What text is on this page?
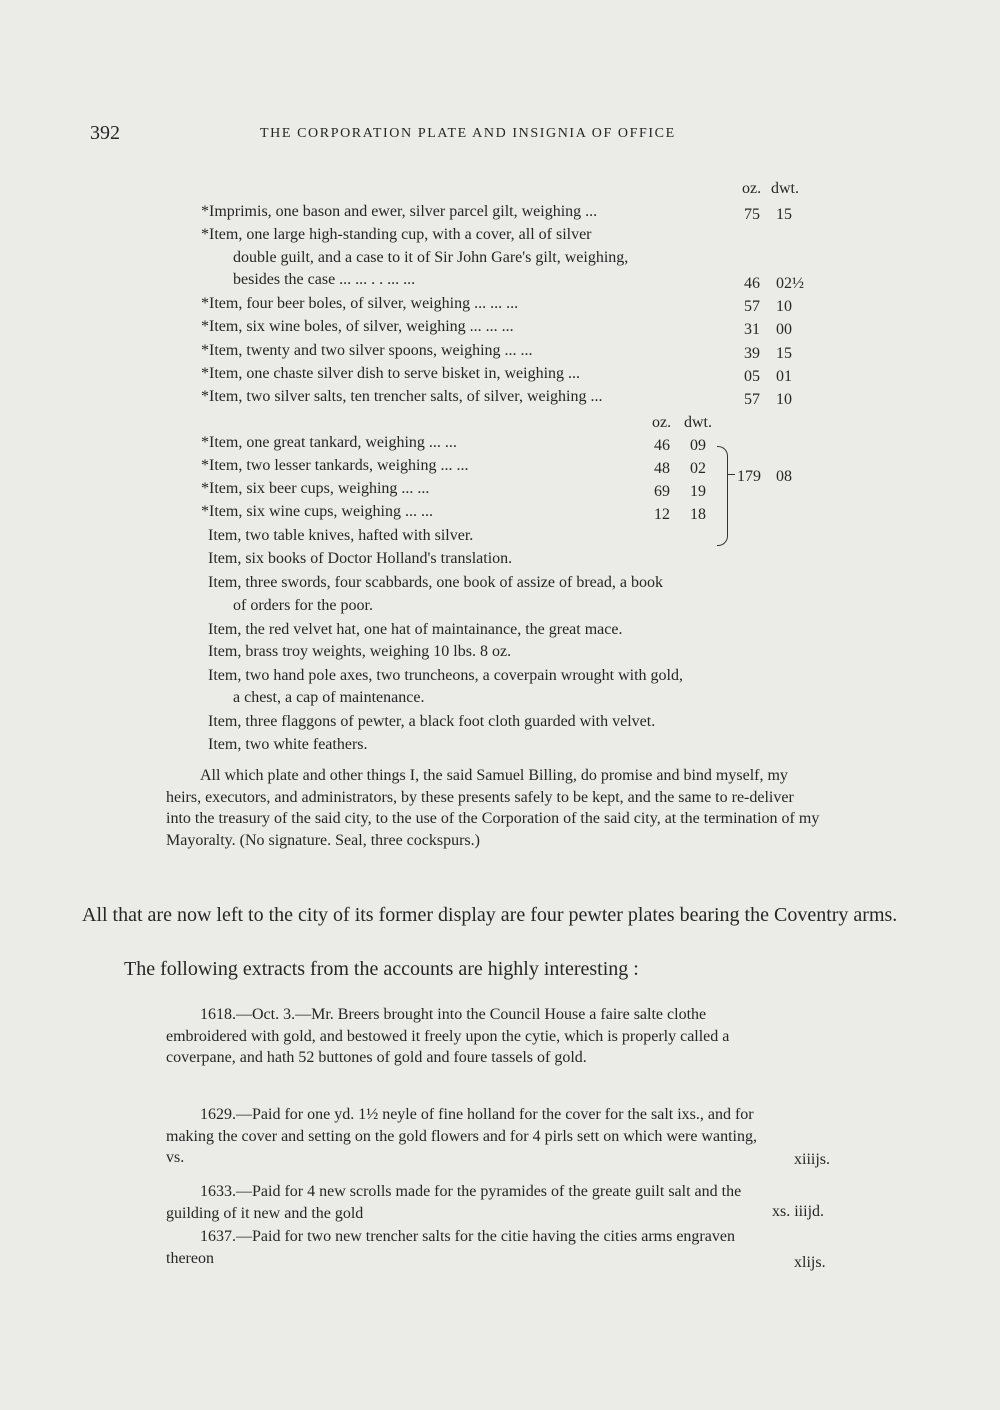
392	THE CORPORATION PLATE AND INSIGNIA OF OFFICE
oz. dwt.
*Imprimis, one bason and ewer, silver parcel gilt, weighing ...	75 15
*Item, one large high-standing cup, with a cover, all of silver
double guilt, and a case to it of Sir John Gare's gilt, weighing,
besides the case ... ... . . ... ...	46 02½
*Item, four beer boles, of silver, weighing ... ... ...	57 10
*Item, six wine boles, of silver, weighing ... ... ...	31 00
*Item, twenty and two silver spoons, weighing ... ...	39 15
*Item, one chaste silver dish to serve bisket in, weighing ...	05 01
*Item, two silver salts, ten trencher salts, of silver, weighing ...	57 10
oz. dwt.
*Item, one great tankard, weighing ... ...	46 09
*Item, two lesser tankards, weighing ... ...	48 02
*Item, six beer cups, weighing ... ...	69 19
*Item, six wine cups, weighing ... ...	12 18
179 08
Item, two table knives, hafted with silver.
Item, six books of Doctor Holland's translation.
Item, three swords, four scabbards, one book of assize of bread, a book
of orders for the poor.
Item, the red velvet hat, one hat of maintainance, the great mace.
Item, brass troy weights, weighing 10 lbs. 8 oz.
Item, two hand pole axes, two truncheons, a coverpain wrought with gold,
a chest, a cap of maintenance.
Item, three flaggons of pewter, a black foot cloth guarded with velvet.
Item, two white feathers.
All which plate and other things I, the said Samuel Billing, do promise and bind myself, my heirs, executors, and administrators, by these presents safely to be kept, and the same to re-deliver into the treasury of the said city, to the use of the Corporation of the said city, at the termination of my Mayoralty. (No signature. Seal, three cockspurs.)
All that are now left to the city of its former display are four pewter plates bearing the Coventry arms.
The following extracts from the accounts are highly interesting :
1618.—Oct. 3.—Mr. Breers brought into the Council House a faire salte clothe embroidered with gold, and bestowed it freely upon the cytie, which is properly called a coverpane, and hath 52 buttones of gold and foure tassels of gold.
1629.—Paid for one yd. 1½ neyle of fine holland for the cover for the salt ixs., and for making the cover and setting on the gold flowers and for 4 pirls sett on which were wanting, vs.	xiiijs.
1633.—Paid for 4 new scrolls made for the pyramides of the greate guilt salt and the guilding of it new and the gold	xs. iiijd.
1637.—Paid for two new trencher salts for the citie having the cities arms engraven thereon	xlijs.
